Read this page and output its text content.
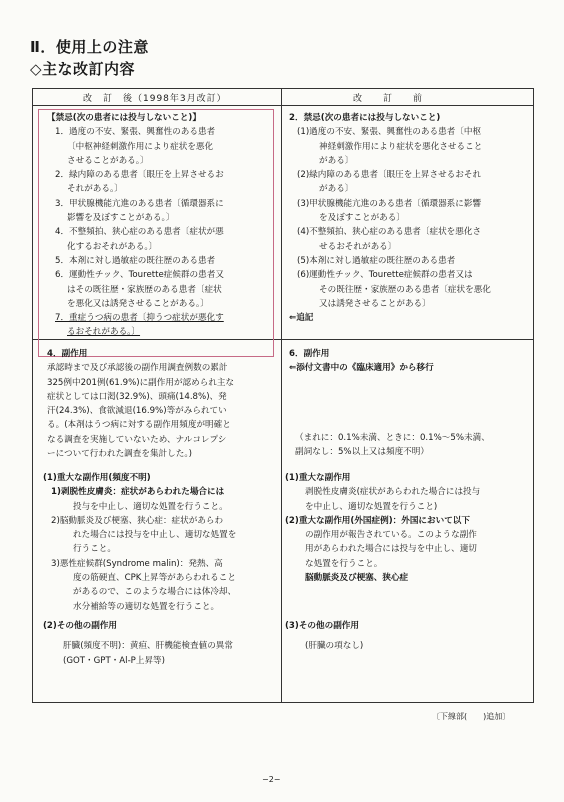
Ⅱ．使用上の注意
◇主な改訂内容
改　訂　後（1998年3月改訂）	改　　訂　　前
【禁忌(次の患者には投与しないこと)】
1．過度の不安、緊張、興奮性のある患者
〔中枢神経刺激作用により症状を悪化
させることがある。〕
2．緑内障のある患者〔眼圧を上昇させるお
それがある。〕
3．甲状腺機能亢進のある患者〔循環器系に
影響を及ぼすことがある。〕
4．不整頻拍、狭心症のある患者〔症状が悪
化するおそれがある。〕
5．本剤に対し過敏症の既往歴のある患者
6．運動性チック、Tourette症候群の患者又
はその既往歴・家族歴のある患者〔症状
を悪化又は誘発させることがある。〕
7．重症うつ病の患者〔抑うつ症状が悪化す
るおそれがある。〕
2．禁忌(次の患者には投与しないこと)
(1)過度の不安、緊張、興奮性のある患者〔中枢
神経刺激作用により症状を悪化させること
がある〕
(2)緑内障のある患者〔眼圧を上昇させるおそれ
がある〕
(3)甲状腺機能亢進のある患者〔循環器系に影響
を及ぼすことがある〕
(4)不整頻拍、狭心症のある患者〔症状を悪化さ
せるおそれがある〕
(5)本剤に対し過敏症の既往歴のある患者
(6)運動性チック、Tourette症候群の患者又は
その既往歴・家族歴のある患者〔症状を悪化
又は誘発させることがある〕
⇐追記
4．副作用
承認時まで及び承認後の副作用調査例数の累計
325例中201例(61.9%)に副作用が認められ主な
症状としては口渇(32.9%)、頭痛(14.8%)、発
汗(24.3%)、食欲減退(16.9%)等がみられてい
る。(本剤はうつ病に対する副作用頻度が明確と
なる調査を実施していないため、ナルコレプシ
ーについて行われた調査を集計した。)
6．副作用
⇐添付文書中の《臨床適用》から移行
（まれに：0.1%未満、ときに：0.1%〜5%未満、
副詞なし：5%以上又は頻度不明）
(1)重大な副作用(頻度不明)
1)剥脱性皮膚炎：症状があらわれた場合には
投与を中止し、適切な処置を行うこと。
2)脳動脈炎及び梗塞、狭心症：症状があらわ
れた場合には投与を中止し、適切な処置を
行うこと。
3)悪性症候群(Syndrome malin)：発熱、高
度の筋硬直、CPK上昇等があらわれること
があるので、このような場合には体冷却、
水分補給等の適切な処置を行うこと。
(1)重大な副作用
剥脱性皮膚炎(症状があらわれた場合には投与
を中止し、適切な処置を行うこと)
(2)重大な副作用(外国症例)：外国において以下
の副作用が報告されている。このような副作
用があらわれた場合には投与を中止し、適切
な処置を行うこと。
脳動脈炎及び梗塞、狭心症
(2)その他の副作用
肝臓(頻度不明)：黄疸、肝機能検査値の異常
(GOT・GPT・Al-P上昇等)
(3)その他の副作用
(肝臓の項なし)
〔下線部(　　)追加〕
−2−
